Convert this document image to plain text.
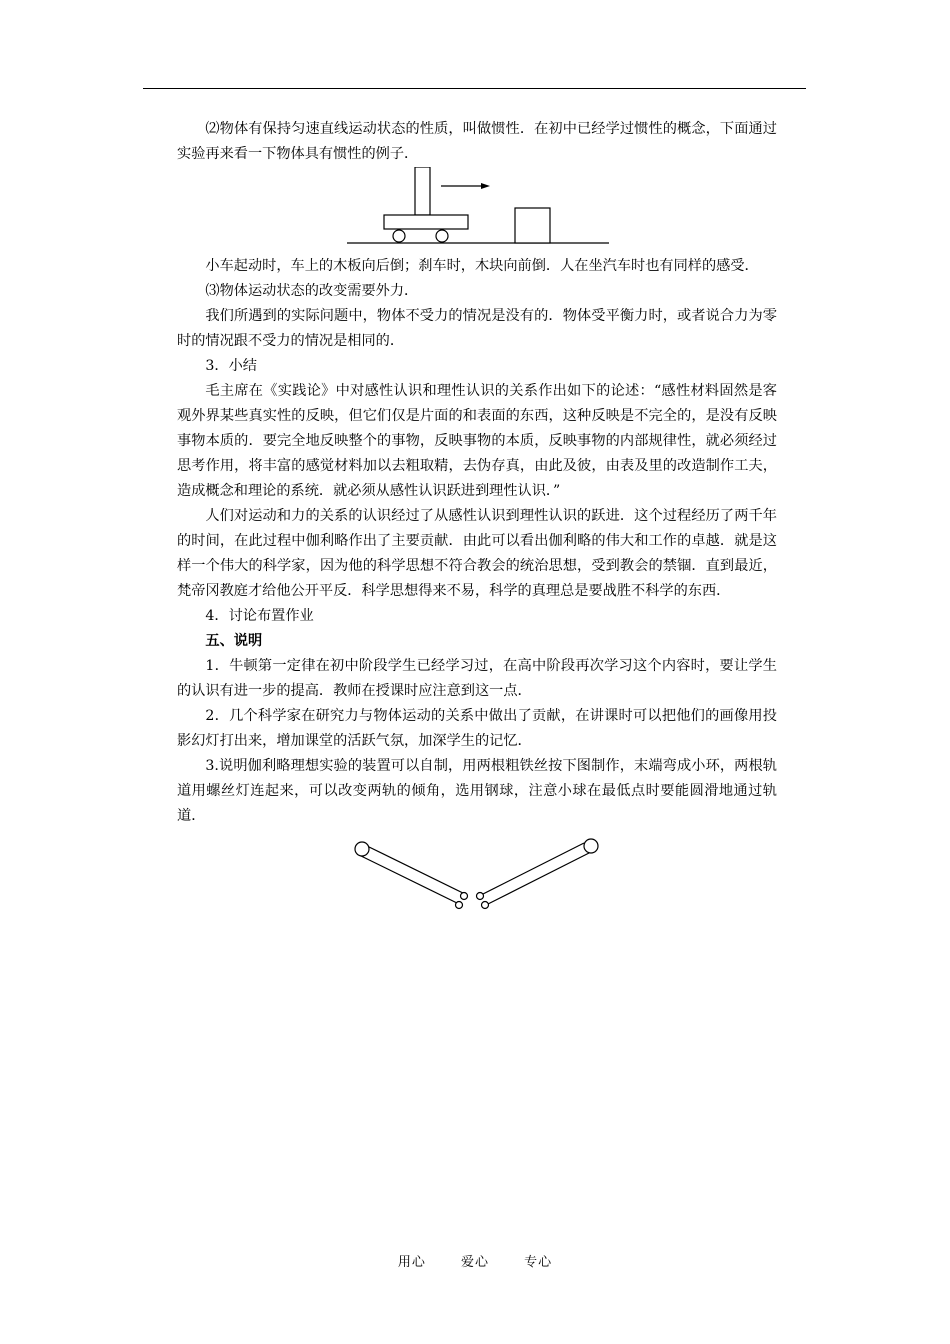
⑵物体有保持匀速直线运动状态的性质，叫做惯性．在初中已经学过惯性的概念，下面通过实验再来看一下物体具有惯性的例子．

小车起动时，车上的木板向后倒；刹车时，木块向前倒．人在坐汽车时也有同样的感受．

⑶物体运动状态的改变需要外力．

我们所遇到的实际问题中，物体不受力的情况是没有的．物体受平衡力时，或者说合力为零时的情况跟不受力的情况是相同的．

3．小结

毛主席在《实践论》中对感性认识和理性认识的关系作出如下的论述：“感性材料固然是客观外界某些真实性的反映，但它们仅是片面的和表面的东西，这种反映是不完全的，是没有反映事物本质的．要完全地反映整个的事物，反映事物的本质，反映事物的内部规律性，就必须经过思考作用，将丰富的感觉材料加以去粗取精，去伪存真，由此及彼，由表及里的改造制作工夫，造成概念和理论的系统．就必须从感性认识跃进到理性认识．”

人们对运动和力的关系的认识经过了从感性认识到理性认识的跃进．这个过程经历了两千年的时间，在此过程中伽利略作出了主要贡献．由此可以看出伽利略的伟大和工作的卓越．就是这样一个伟大的科学家，因为他的科学思想不符合教会的统治思想，受到教会的禁锢．直到最近，梵帝冈教庭才给他公开平反．科学思想得来不易，科学的真理总是要战胜不科学的东西．

4．讨论布置作业

五、说明

1．牛顿第一定律在初中阶段学生已经学习过，在高中阶段再次学习这个内容时，要让学生的认识有进一步的提高．教师在授课时应注意到这一点．

2．几个科学家在研究力与物体运动的关系中做出了贡献，在讲课时可以把他们的画像用投影幻灯打出来，增加课堂的活跃气氛，加深学生的记忆．

3.说明伽利略理想实验的装置可以自制，用两根粗铁丝按下图制作，末端弯成小环，两根轨道用螺丝灯连起来，可以改变两轨的倾角，选用钢球，注意小球在最低点时要能圆滑地通过轨道．

用心	爱心	专心
